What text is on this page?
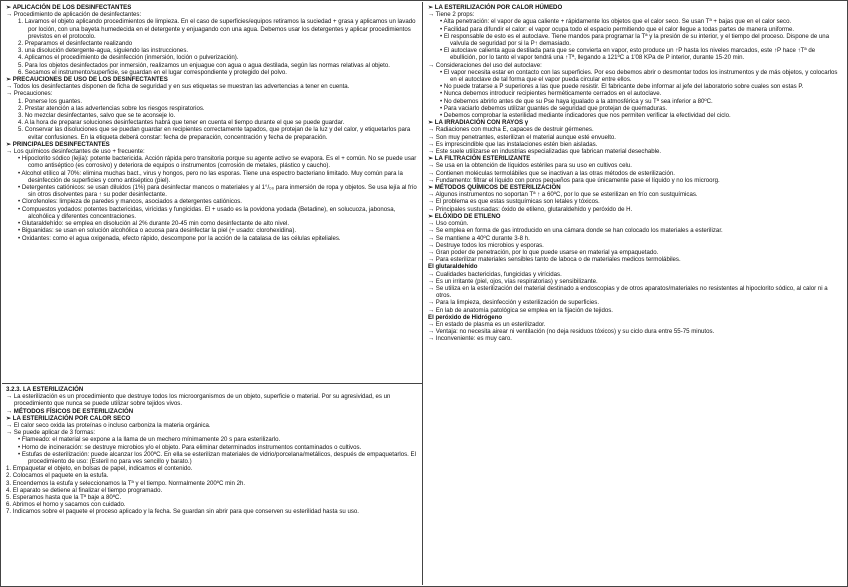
➢ APLICACIÓN DE LOS DESINFECTANTES
→ Procedimiento de aplicación de desinfectantes:
1. Lavamos el objeto aplicando procedimientos de limpieza. En el caso de superficies/equipos retiramos la suciedad + grasa y aplicamos un lavado por loción, con una bayeta humedecida en el detergente y enjuagando con una agua. Debemos usar los detergentes y aplicar procedimientos previstos en el protocolo.
2. Preparamos el desinfectante realizando
3. una disolución detergente-agua, siguiendo las instrucciones.
4. Aplicamos el procedimiento de desinfección (inmersión, loción o pulverización).
5. Para los objetos desinfectados por inmersión, realizamos un enjuague con agua o agua destilada, según las normas relativas al objeto.
6. Secamos el instrumento/superficie, se guardan en el lugar correspondiente y protegido del polvo.
➢ PRECAUCIONES DE USO DE LOS DESINFECTANTES
→ Todos los desinfectantes disponen de ficha de seguridad y en sus etiquetas se muestran las advertencias a tener en cuenta.
→ Precauciones:
1. Ponerse los guantes.
2. Prestar atención a las advertencias sobre los riesgos respiratorios.
3. No mezclar desinfectantes, salvo que se te aconseje lo.
4. A la hora de preparar soluciones desinfectantes habrá que tener en cuenta el tiempo durante el que se puede guardar.
5. Conservar las disoluciones que se puedan guardar en recipientes correctamente tapados, que protejan de la luz y del calor, y etiquetarlos para evitar confusiones. En la etiqueta deberá constar: fecha de preparación, concentración y fecha de preparación.
➢ PRINCIPALES DESINFECTANTES
→ Los químicos desinfectantes de uso + frecuente:
• Hipoclorito sódico (lejía): potente bactericida. Acción rápida pero transitoria porque su agente activo se evapora. Es el + común. No se puede usar como antiséptico (es corrosivo) y deteriora de equipos o instrumentos (corrosión de metales, plástico y caucho).
• Alcohol etílico al 70%: elimina muchas bact., virus y hongos, pero no las esporas. Tiene una espectro bacteriano limitado. Muy común para la desinfección de superficies y como antiséptico (piel).
• Detergentes catiónicos: se usan diluidos (1%) para desinfectar mancos o materiales y al 1°/₀₀ para inmersión de ropa y objetos. Se usa lejía al frío sin otros disolventes para ↑ su poder desinfectante.
• Clorofenoles: limpieza de paredes y mancos, asociados a detergentes catiónicos.
• Compuestos yodados: potentes bactericidas, virícidas y fungicidas. El + usado es la povidona yodada (Betadine), en solucuoza, jabonosa, alcohólica y diferentes concentraciones.
• Glutaraldehído: se emplea en disolución al 2% durante 20-45 min como desinfectante de alto nivel.
• Biguanidas: se usan en solución alcohólica o acuosa para desinfectar la piel (+ usado: clorohexidina).
• Oxidantes: como el agua oxigenada, efecto rápido, descompone por la acción de la catalasa de las células epiteliales.
3.2.3. LA ESTERILIZACIÓN
→ La esterilización es un procedimiento que destruye todos los microorganismos de un objeto, superficie o material. Por su agresividad, es un procedimiento que nunca se puede utilizar sobre tejidos vivos.
→ MÉTODOS FÍSICOS DE ESTERILIZACIÓN
➢ LA ESTERILIZACIÓN POR CALOR SECO
→ El calor seco oxida las proteínas o incluso carboniza la materia orgánica.
→ Se puede aplicar de 3 formas:
• Flameado: el material se expone a la llama de un mechero mínimamente 20 s para esterilizarlo.
• Horno de incineración: se destruye microbios y/o el objeto. Para eliminar determinados instrumentos contaminados o cultivos.
• Estufas de esterilización: puede alcanzar los 200ºC. En ella se esterilizan materiales de vidrio/porcelana/metálicos, después de empaquetarlos. El procedimiento de uso: (Esteril no para ves sencillo y barato.)
1. Empaquetar el objeto, en bolsas de papel, indicamos el contenido.
2. Colocamos el paquete en la estufa.
3. Encendemos la estufa y seleccionamos la Tª y el tiempo. Normalmente 200ºC min 2h.
4. El aparato se detiene al finalizar el tiempo programado.
5. Esperamos hasta que la Tª baje a 80ºC.
6. Abrimos el horno y sacamos con cuidado.
7. Indicamos sobre el paquete el proceso aplicado y la fecha. Se guardan sin abrir para que conserven su esterilidad hasta su uso.
➢ LA ESTERILIZACIÓN POR CALOR HÚMEDO
→ Tiene 2 props:
• Alta penetración: el vapor de agua caliente + rápidamente los objetos que el calor seco. Se usan Tª + bajas que en el calor seco.
• Facilidad para difundir el calor: el vapor ocupa todo el espacio permitiendo que el calor llegue a todas partes de manera uniforme.
• El responsable de esto es el autoclave. Tiene mandos para programar la Tª y la presión de su interior, y el tiempo del proceso. Dispone de una valvula de seguridad por si la P↑ demasiado.
• El autoclave calienta agua destilada para que se convierta en vapor, esto produce un ↑P hasta los niveles marcados, este ↑P hace ↑Tª de ebullición, por lo tanto el vapor tendrá una ↑Tª, llegando a 121ºC a 1'08 KPa de P interior, durante 15-20 min.
→ Consideraciones del uso del autoclave:
• El vapor necesita estar en contacto con las superficies. Por eso debemos abrir o desmontar todos los instrumentos y de más objetos, y colocarlos en el autoclave de tal forma que el vapor pueda circular entre ellos.
• No puede tratarse a P superiores a las que puede resistir. El fabricante debe informar al jefe del laboratorio sobre cuales son estas P.
• Nunca debemos introducir recipientes herméticamente cerrados en el autoclave.
• No debemos abrirlo antes de que su Pse haya igualado a la atmosférica y su Tª sea inferior a 80ºC.
• Para vaciarlo debemos utilizar guantes de seguridad que protejan de quemaduras.
• Debemos comprobar la esterilidad mediante indicadores que nos permiten verificar la efectividad del ciclo.
➢ LA IRRADIACIÓN CON RAYOS γ
→ Radiaciones con mucha E, capaces de destruir gérmenes.
→ Son muy penetrantes, esterilizan el material aunque esté envuelto.
→ Es imprescindible que las instalaciones estén bien aisladas.
→ Este suele utilizarse en industrias especializadas que fabrican material desechable.
➢ LA FILTRACIÓN ESTERILIZANTE
→ Se usa en la obtención de líquidos estériles para su uso en cultivos celu.
→ Contienen moléculas termolábiles que se inactivan a las otras métodos de esterilización.
→ Fundamento: filtrar el líquido con poros pequeños para que únicamente pase el líquido y no los microorg.
➢ MÉTODOS QUÍMICOS DE ESTERILIZACIÓN
→ Algunos instrumentos no soportan Tª ↑ a 60ºC, por lo que se esterilizan en frío con sustquímicas.
→ El problema es que estas sustquímicas son letales y tóxicos.
→ Principales sustusadas: óxido de etileno, glutaraldehído y peróxido de H.
➢ ELÓXIDO DE ETILENO
→ Uso común.
→ Se emplea en forma de gas introducido en una cámara donde se han colocado los materiales a esterilizar.
→ Se mantiene a 40ºC durante 3-8 h.
→ Destruye todos los microbios y esporas.
→ Gran poder de penetración, por lo que puede usarse en material ya empaquetado.
→ Para esterilizar materiales sensibles tanto de laboca o de materiales medicos termolábiles.
El glutaraldehído
→ Cualidades bactericidas, fungicidas y virícidas.
→ Es un irritante (piel, ojos, vías respiratorias) y sensibilizante.
→ Se utiliza en la esterilización del material destinado a endoscopias y de otros aparatos/materiales no resistentes al hipoclorito sódico, al calor ni a otros.
→ Para la limpieza, desinfección y esterilización de superficies.
→ En lab de anatomía patológica se emplea en la fijación de tejidos.
El peróxido de Hidrógeno
→ En estado de plasma es un esterilizador.
→ Ventaja: no necesita airear ni ventilación (no deja residuos tóxicos) y su ciclo dura entre 55-75 minutos.
→ Inconveniente: es muy caro.
